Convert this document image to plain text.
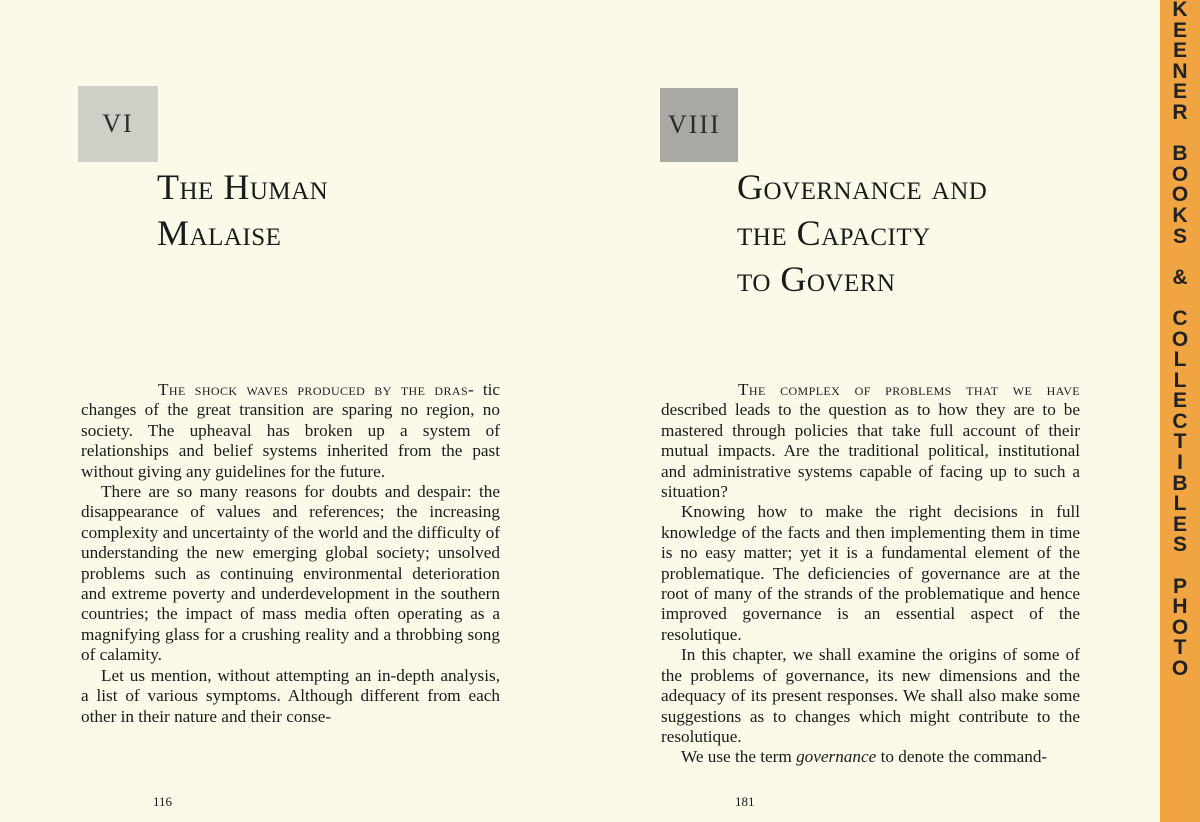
VI
The Human
Malaise

The shock waves produced by the dras- tic changes of the great transition are sparing no region, no society. The upheaval has broken up a system of relationships and belief systems inherited from the past without giving any guidelines for the future.

There are so many reasons for doubts and despair: the disappearance of values and references; the increasing complexity and uncertainty of the world and the difficulty of understanding the new emerging global society; unsolved problems such as continuing environmental deterioration and extreme poverty and underdevelopment in the southern countries; the impact of mass media often operating as a magnifying glass for a crushing reality and a throbbing song of calamity.

Let us mention, without attempting an in-depth analysis, a list of various symptoms. Although different from each other in their nature and their conse-

116
VIII
Governance and
the Capacity
to Govern

The complex of problems that we have described leads to the question as to how they are to be mastered through policies that take full account of their mutual impacts. Are the traditional political, institutional and administrative systems capable of facing up to such a situation?

Knowing how to make the right decisions in full knowledge of the facts and then implementing them in time is no easy matter; yet it is a fundamental element of the problematique. The deficiencies of governance are at the root of many of the strands of the problematique and hence improved governance is an essential aspect of the resolutique.

In this chapter, we shall examine the origins of some of the problems of governance, its new dimensions and the adequacy of its present responses. We shall also make some suggestions as to changes which might contribute to the resolutique.

We use the term governance to denote the command-

181
K
E
E
N
E
R
B
O
O
K
S
&
C
O
L
L
E
C
T
I
B
L
E
S
P
H
O
T
O
